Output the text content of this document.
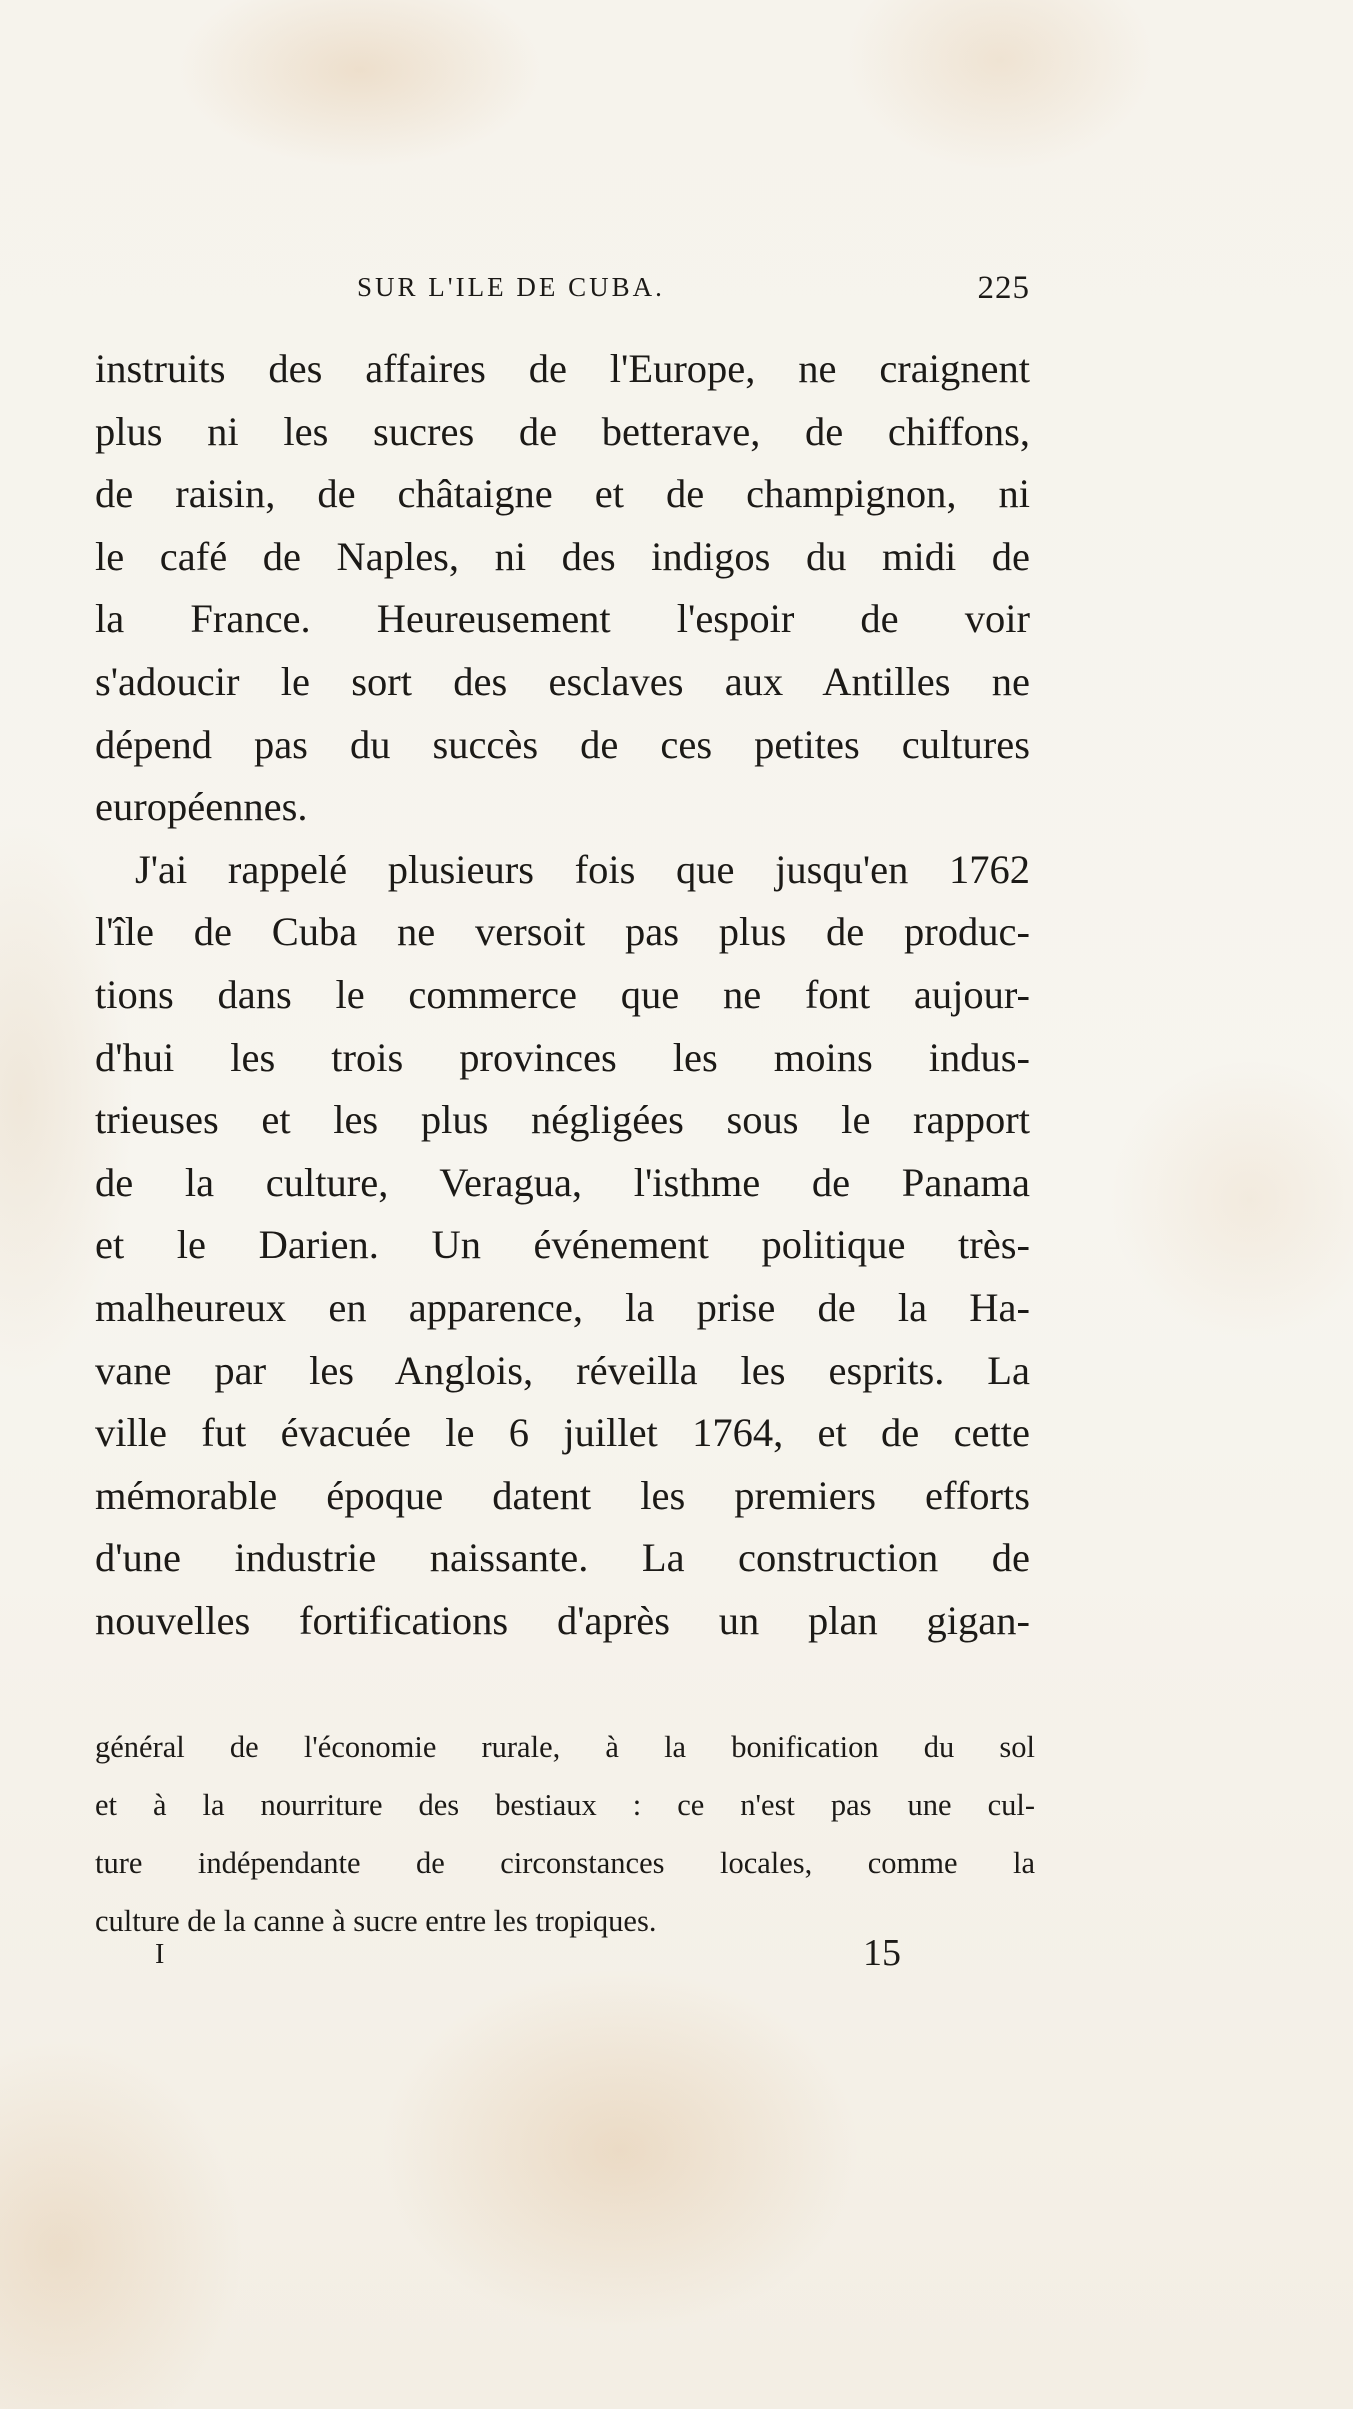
SUR L'ILE DE CUBA.	225
instruits des affaires de l'Europe, ne craignent
plus ni les sucres de betterave, de chiffons,
de raisin, de châtaigne et de champignon, ni
le café de Naples, ni des indigos du midi de
la France. Heureusement l'espoir de voir
s'adoucir le sort des esclaves aux Antilles ne
dépend pas du succès de ces petites cultures
européennes.
J'ai rappelé plusieurs fois que jusqu'en 1762
l'île de Cuba ne versoit pas plus de produc-
tions dans le commerce que ne font aujour-
d'hui les trois provinces les moins indus-
trieuses et les plus négligées sous le rapport
de la culture, Veragua, l'isthme de Panama
et le Darien. Un événement politique très-
malheureux en apparence, la prise de la Ha-
vane par les Anglois, réveilla les esprits. La
ville fut évacuée le 6 juillet 1764, et de cette
mémorable époque datent les premiers efforts
d'une industrie naissante. La construction de
nouvelles fortifications d'après un plan gigan-
général de l'économie rurale, à la bonification du sol
et à la nourriture des bestiaux : ce n'est pas une cul-
ture indépendante de circonstances locales, comme la
culture de la canne à sucre entre les tropiques.
I	15
